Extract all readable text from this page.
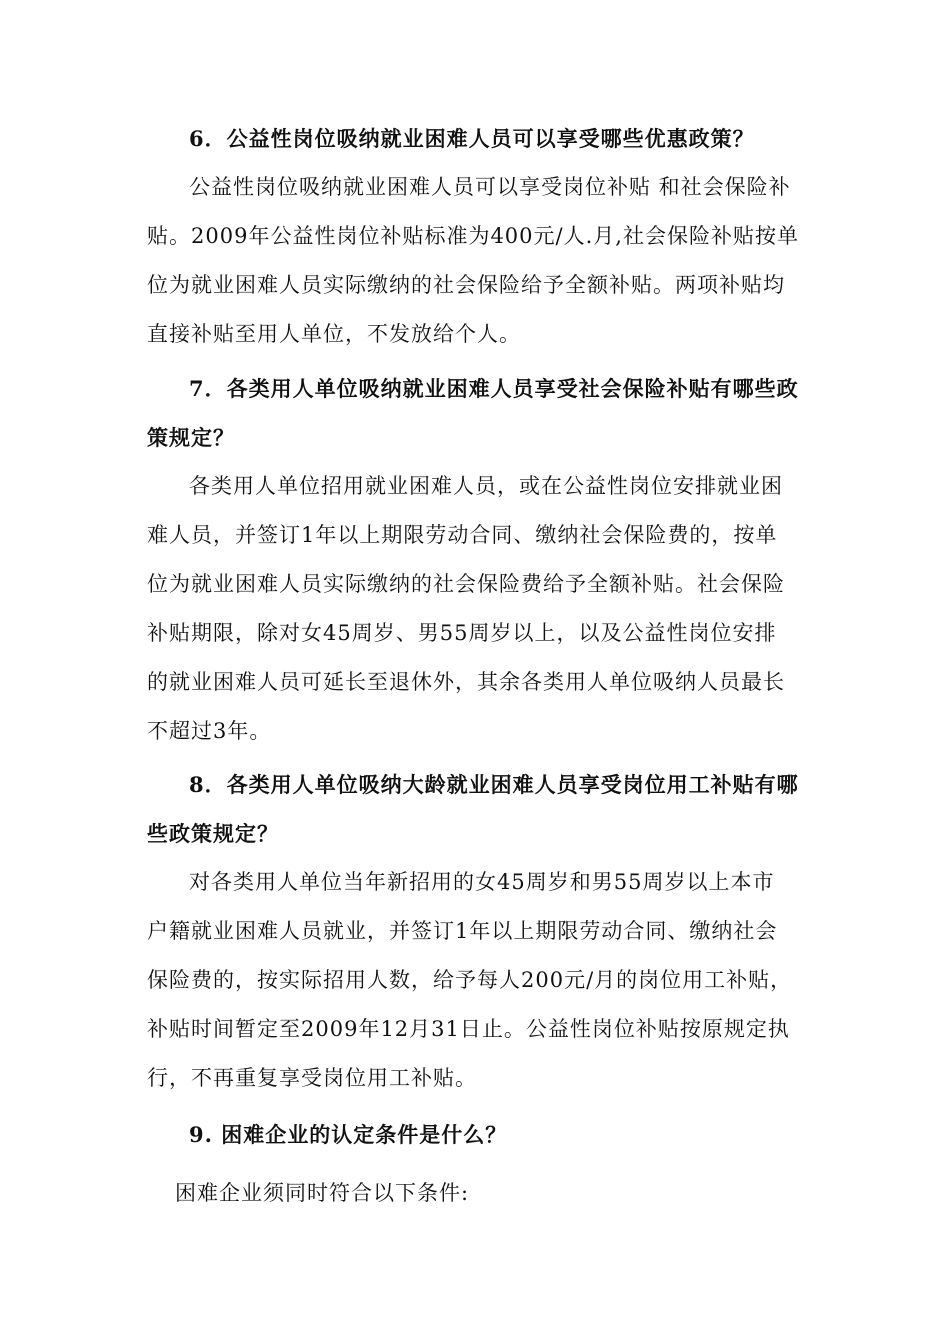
6．公益性岗位吸纳就业困难人员可以享受哪些优惠政策？

公益性岗位吸纳就业困难人员可以享受岗位补贴 和社会保险补

贴。2009年公益性岗位补贴标准为400元/人.月,社会保险补贴按单
位为就业困难人员实际缴纳的社会保险给予全额补贴。两项补贴均
直接补贴至用人单位，不发放给个人。

7．各类用人单位吸纳就业困难人员享受社会保险补贴有哪些政
策规定？

各类用人单位招用就业困难人员，或在公益性岗位安排就业困
难人员，并签订1年以上期限劳动合同、缴纳社会保险费的，按单
位为就业困难人员实际缴纳的社会保险费给予全额补贴。社会保险
补贴期限，除对女45周岁、男55周岁以上，以及公益性岗位安排
的就业困难人员可延长至退休外，其余各类用人单位吸纳人员最长
不超过3年。

8．各类用人单位吸纳大龄就业困难人员享受岗位用工补贴有哪
些政策规定？

对各类用人单位当年新招用的女45周岁和男55周岁以上本市
户籍就业困难人员就业，并签订1年以上期限劳动合同、缴纳社会
保险费的，按实际招用人数，给予每人200元/月的岗位用工补贴，
补贴时间暂定至2009年12月31日止。公益性岗位补贴按原规定执
行，不再重复享受岗位用工补贴。

9. 困难企业的认定条件是什么？

困难企业须同时符合以下条件:
